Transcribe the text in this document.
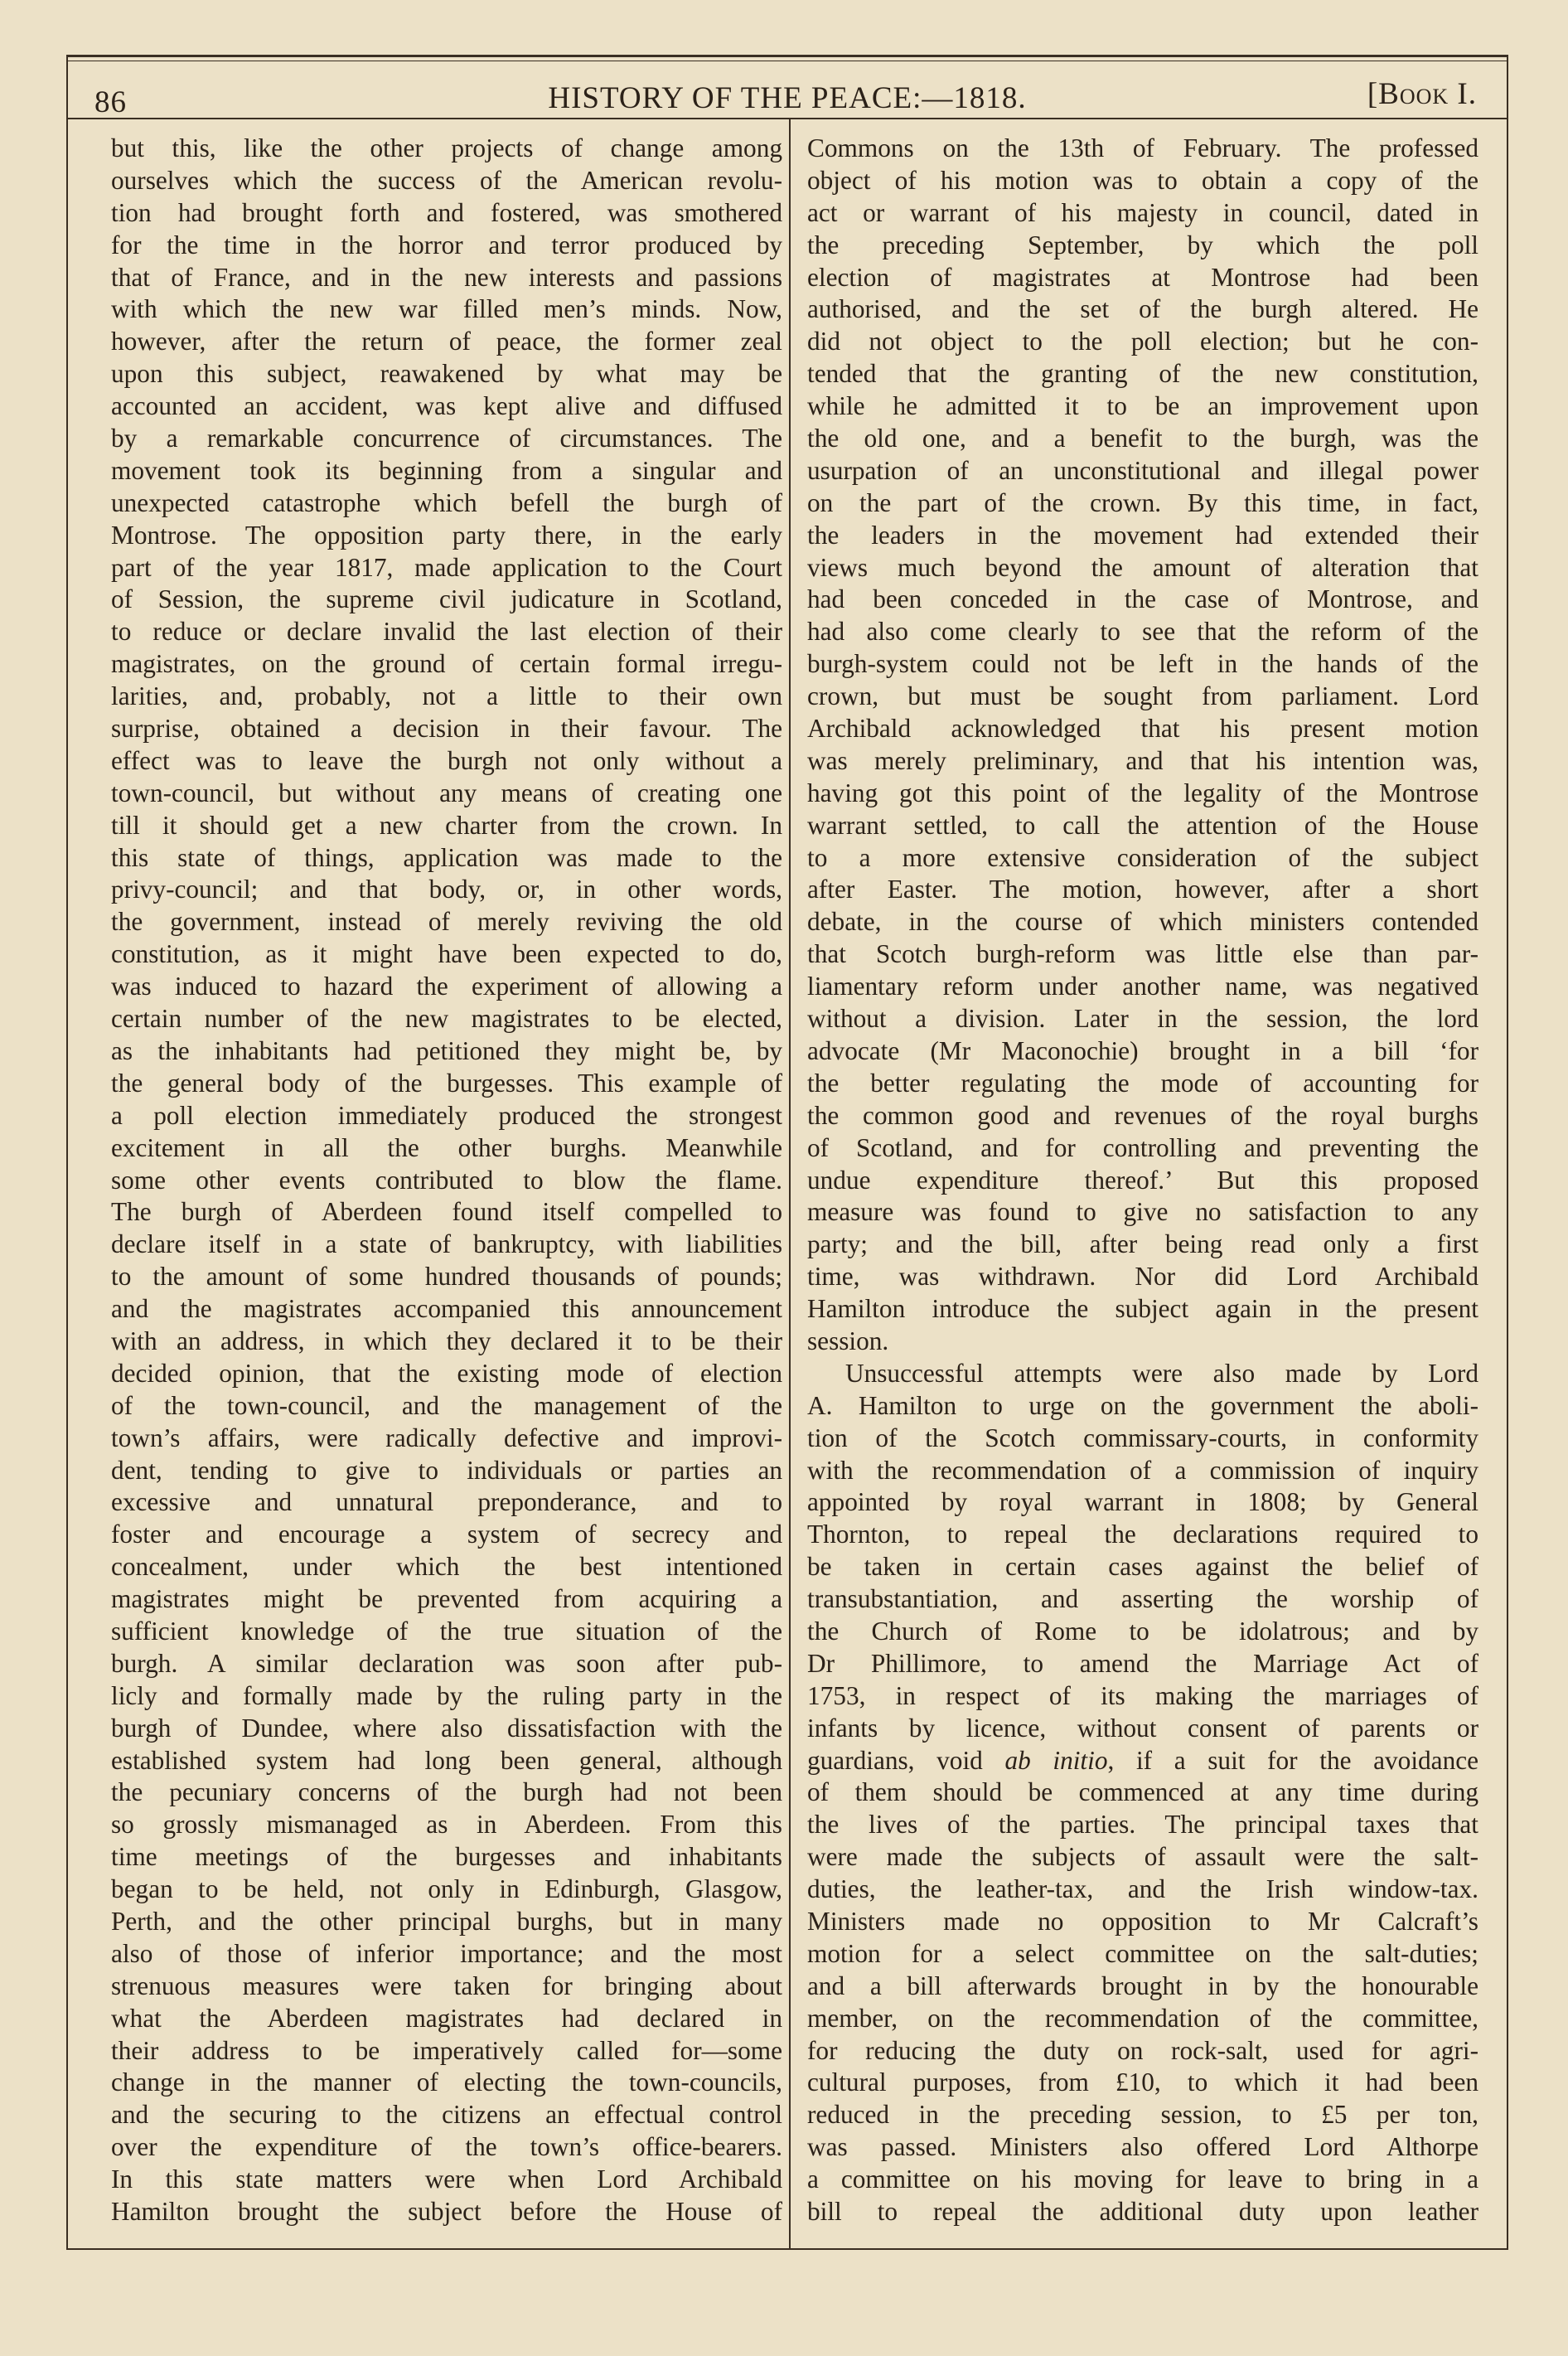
86	HISTORY OF THE PEACE:—1818.	[Book I.
but this, like the other projects of change among
ourselves which the success of the American revolu-
tion had brought forth and fostered, was smothered
for the time in the horror and terror produced by
that of France, and in the new interests and passions
with which the new war filled men’s minds. Now,
however, after the return of peace, the former zeal
upon this subject, reawakened by what may be
accounted an accident, was kept alive and diffused
by a remarkable concurrence of circumstances. The
movement took its beginning from a singular and
unexpected catastrophe which befell the burgh of
Montrose. The opposition party there, in the early
part of the year 1817, made application to the Court
of Session, the supreme civil judicature in Scotland,
to reduce or declare invalid the last election of their
magistrates, on the ground of certain formal irregu-
larities, and, probably, not a little to their own
surprise, obtained a decision in their favour. The
effect was to leave the burgh not only without a
town-council, but without any means of creating one
till it should get a new charter from the crown. In
this state of things, application was made to the
privy-council; and that body, or, in other words,
the government, instead of merely reviving the old
constitution, as it might have been expected to do,
was induced to hazard the experiment of allowing a
certain number of the new magistrates to be elected,
as the inhabitants had petitioned they might be, by
the general body of the burgesses. This example of
a poll election immediately produced the strongest
excitement in all the other burghs. Meanwhile
some other events contributed to blow the flame.
The burgh of Aberdeen found itself compelled to
declare itself in a state of bankruptcy, with liabilities
to the amount of some hundred thousands of pounds;
and the magistrates accompanied this announcement
with an address, in which they declared it to be their
decided opinion, that the existing mode of election
of the town-council, and the management of the
town’s affairs, were radically defective and improvi-
dent, tending to give to individuals or parties an
excessive and unnatural preponderance, and to
foster and encourage a system of secrecy and
concealment, under which the best intentioned
magistrates might be prevented from acquiring a
sufficient knowledge of the true situation of the
burgh. A similar declaration was soon after pub-
licly and formally made by the ruling party in the
burgh of Dundee, where also dissatisfaction with the
established system had long been general, although
the pecuniary concerns of the burgh had not been
so grossly mismanaged as in Aberdeen. From this
time meetings of the burgesses and inhabitants
began to be held, not only in Edinburgh, Glasgow,
Perth, and the other principal burghs, but in many
also of those of inferior importance; and the most
strenuous measures were taken for bringing about
what the Aberdeen magistrates had declared in
their address to be imperatively called for—some
change in the manner of electing the town-councils,
and the securing to the citizens an effectual control
over the expenditure of the town’s office-bearers.
In this state matters were when Lord Archibald
Hamilton brought the subject before the House of
Commons on the 13th of February. The professed
object of his motion was to obtain a copy of the
act or warrant of his majesty in council, dated in
the preceding September, by which the poll
election of magistrates at Montrose had been
authorised, and the set of the burgh altered. He
did not object to the poll election; but he con-
tended that the granting of the new constitution,
while he admitted it to be an improvement upon
the old one, and a benefit to the burgh, was the
usurpation of an unconstitutional and illegal power
on the part of the crown. By this time, in fact,
the leaders in the movement had extended their
views much beyond the amount of alteration that
had been conceded in the case of Montrose, and
had also come clearly to see that the reform of the
burgh-system could not be left in the hands of the
crown, but must be sought from parliament. Lord
Archibald acknowledged that his present motion
was merely preliminary, and that his intention was,
having got this point of the legality of the Montrose
warrant settled, to call the attention of the House
to a more extensive consideration of the subject
after Easter. The motion, however, after a short
debate, in the course of which ministers contended
that Scotch burgh-reform was little else than par-
liamentary reform under another name, was negatived
without a division. Later in the session, the lord
advocate (Mr Maconochie) brought in a bill ‘for
the better regulating the mode of accounting for
the common good and revenues of the royal burghs
of Scotland, and for controlling and preventing the
undue expenditure thereof.’ But this proposed
measure was found to give no satisfaction to any
party; and the bill, after being read only a first
time, was withdrawn. Nor did Lord Archibald
Hamilton introduce the subject again in the present
session.
Unsuccessful attempts were also made by Lord
A. Hamilton to urge on the government the aboli-
tion of the Scotch commissary-courts, in conformity
with the recommendation of a commission of inquiry
appointed by royal warrant in 1808; by General
Thornton, to repeal the declarations required to
be taken in certain cases against the belief of
transubstantiation, and asserting the worship of
the Church of Rome to be idolatrous; and by
Dr Phillimore, to amend the Marriage Act of
1753, in respect of its making the marriages of
infants by licence, without consent of parents or
guardians, void ab initio, if a suit for the avoidance
of them should be commenced at any time during
the lives of the parties. The principal taxes that
were made the subjects of assault were the salt-
duties, the leather-tax, and the Irish window-tax.
Ministers made no opposition to Mr Calcraft’s
motion for a select committee on the salt-duties;
and a bill afterwards brought in by the honourable
member, on the recommendation of the committee,
for reducing the duty on rock-salt, used for agri-
cultural purposes, from £10, to which it had been
reduced in the preceding session, to £5 per ton,
was passed. Ministers also offered Lord Althorpe
a committee on his moving for leave to bring in a
bill to repeal the additional duty upon leather
